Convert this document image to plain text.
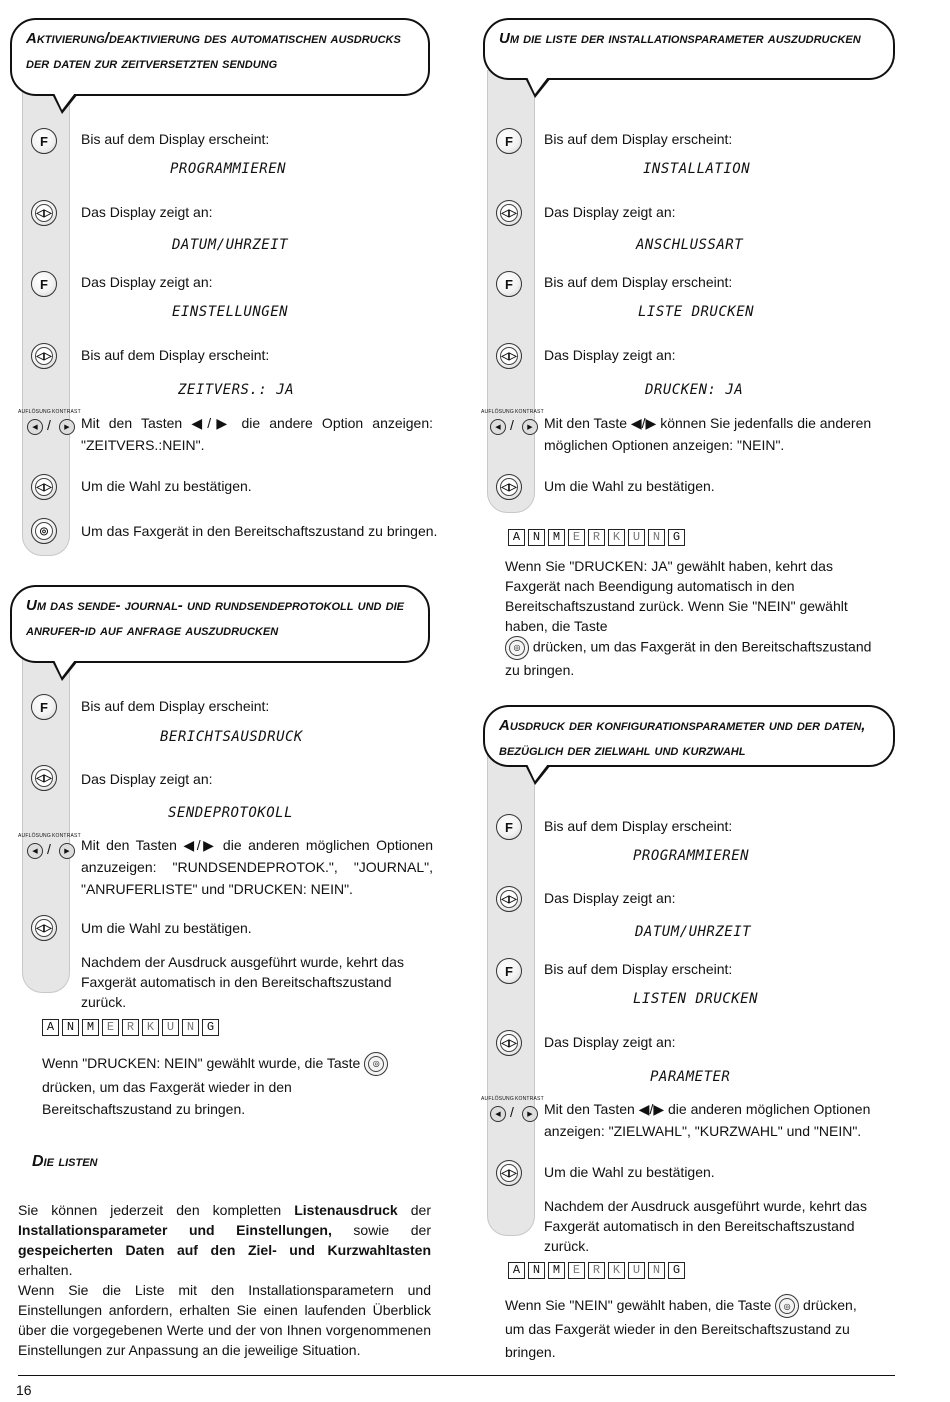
Aktivierung/deaktivierung des automatischen ausdrucks der daten zur zeitversetzten sendung
F	Bis auf dem Display erscheint:
PROGRAMMIEREN
◁▷ Das Display zeigt an:
DATUM/UHRZEIT
F	Das Display zeigt an:
EINSTELLUNGEN
◁▷ Bis auf dem Display erscheint:
ZEITVERS.: JA
AUFLÖSUNG KONTRAST
◀ /	▶ Mit den Tasten ◀/▶ die andere Option anzeigen: "ZEITVERS.:NEIN".
◁▷ Um die Wahl zu bestätigen.
◎	Um das Faxgerät in den Bereitschaftszustand zu bringen.
Um das sende- journal- und rundsendeprotokoll und die anrufer-id auf anfrage auszudrucken
F	Bis auf dem Display erscheint:
BERICHTSAUSDRUCK
◁▷ Das Display zeigt an:
SENDEPROTOKOLL
AUFLÖSUNG KONTRAST
◀ /	▶ Mit den Tasten ◀/▶ die anderen möglichen Optionen anzuzeigen: "RUNDSENDEPROTOK.", "JOURNAL", "ANRUFERLISTE" und "DRUCKEN: NEIN".
◁▷ Um die Wahl zu bestätigen.
Nachdem der Ausdruck ausgeführt wurde, kehrt das Faxgerät automatisch in den Bereitschaftszustand zurück.
A	N	M	E	R	K	U	N	G
Wenn "DRUCKEN: NEIN" gewählt wurde, die Taste	◎
drücken, um das Faxgerät wieder in den Bereitschaftszustand zu bringen.
Die listen
Sie können jederzeit den kompletten Listenausdruck der Installationsparameter und Einstellungen, sowie der gespeicherten Daten auf den Ziel- und Kurzwahltasten erhalten.
Wenn Sie die Liste mit den Installationsparametern und Einstellungen anfordern, erhalten Sie einen laufenden Überblick über die vorgegebenen Werte und der von Ihnen vorgenommenen Einstellungen zur Anpassung an die jeweilige Situation.
Um die liste der installationsparameter auszudrucken
F	Bis auf dem Display erscheint:
INSTALLATION
◁▷ Das Display zeigt an:
ANSCHLUSSART
F	Bis auf dem Display erscheint:
LISTE DRUCKEN
◁▷ Das Display zeigt an:
DRUCKEN: JA
AUFLÖSUNG KONTRAST
◀ /	▶ Mit den Taste ◀/▶ können Sie jedenfalls die anderen möglichen Optionen anzeigen: "NEIN".
◁▷ Um die Wahl zu bestätigen.
A	N	M	E	R	K	U	N	G
Wenn Sie "DRUCKEN: JA" gewählt haben, kehrt das Faxgerät nach Beendigung automatisch in den Bereitschaftszustand zurück. Wenn Sie "NEIN" gewählt haben, die Taste

◎ drücken, um das Faxgerät in den Bereitschaftszustand
zu bringen.
Ausdruck der konfigurationsparameter und der daten, bezüglich der zielwahl und kurzwahl
F	Bis auf dem Display erscheint:
PROGRAMMIEREN
◁▷ Das Display zeigt an:
DATUM/UHRZEIT
F	Bis auf dem Display erscheint:
LISTEN DRUCKEN
◁▷ Das Display zeigt an:
PARAMETER
AUFLÖSUNG KONTRAST
◀ /	▶ Mit den Tasten ◀/▶ die anderen möglichen Optionen anzeigen: "ZIELWAHL", "KURZWAHL" und "NEIN".
◁▷ Um die Wahl zu bestätigen.
Nachdem der Ausdruck ausgeführt wurde, kehrt das Faxgerät automatisch in den Bereitschaftszustand zurück.
A	N	M	E	R	K	U	N	G
Wenn Sie "NEIN" gewählt haben, die Taste	◎ drücken, um das Faxgerät wieder in den Bereitschaftszustand zu bringen.
16
